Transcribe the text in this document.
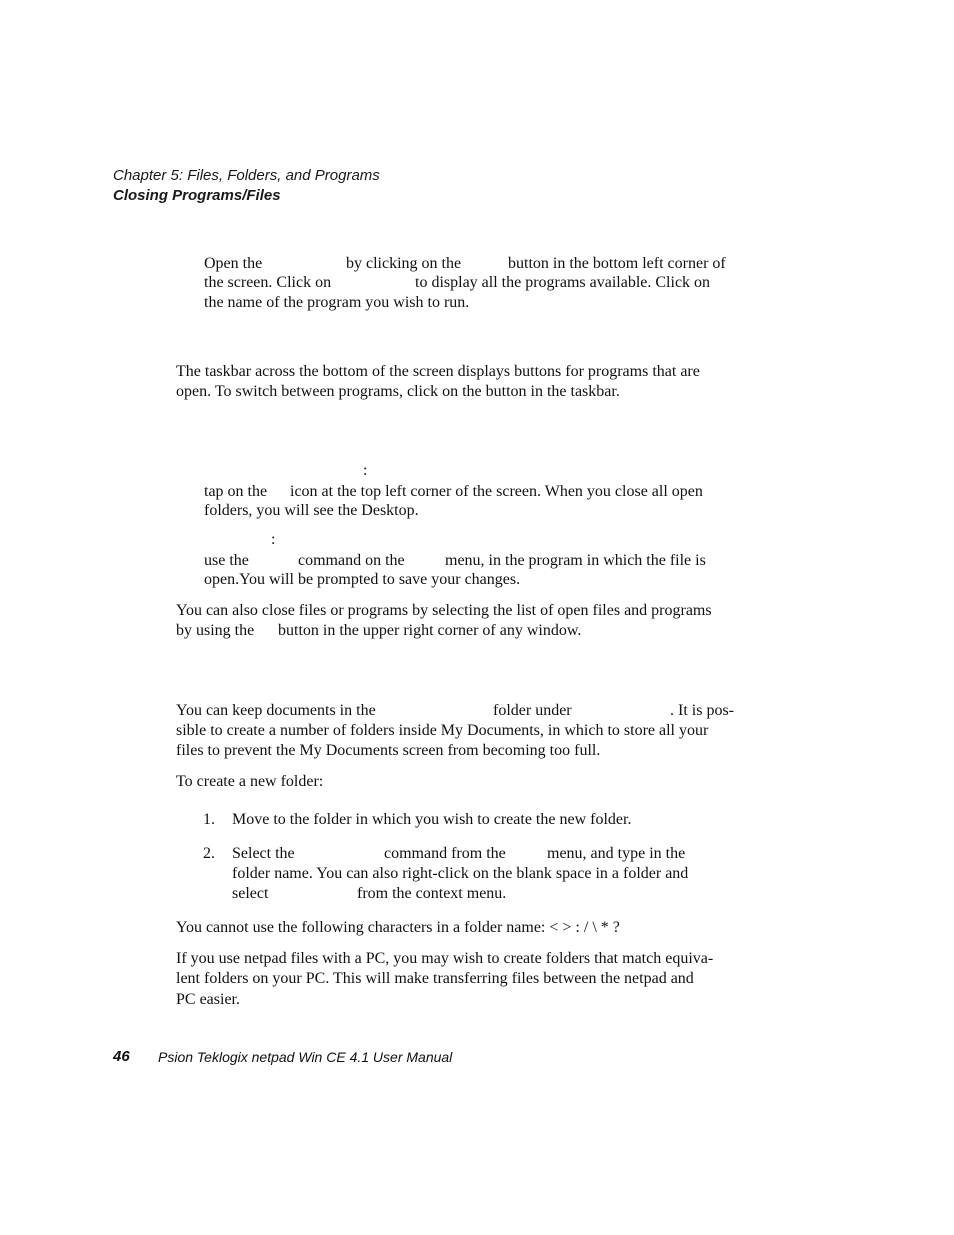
Chapter 5: Files, Folders, and Programs
Closing Programs/Files
Open the	by clicking on the	button in the bottom left corner of
the screen. Click on	to display all the programs available. Click on
the name of the program you wish to run.
The taskbar across the bottom of the screen displays buttons for programs that are
open. To switch between programs, click on the button in the taskbar.
:
tap on the icon at the top left corner of the screen. When you close all open
folders, you will see the Desktop.
:
use the	command on the	menu, in the program in which the file is
open.You will be prompted to save your changes.
You can also close files or programs by selecting the list of open files and programs
by using the button in the upper right corner of any window.
You can keep documents in the	folder under	. It is pos-
sible to create a number of folders inside My Documents, in which to store all your
files to prevent the My Documents screen from becoming too full.
To create a new folder:
1. Move to the folder in which you wish to create the new folder.
2. Select the	command from the	menu, and type in the
folder name. You can also right-click on the blank space in a folder and
select	from the context menu.
You cannot use the following characters in a folder name: < > : / \ * ?
If you use netpad files with a PC, you may wish to create folders that match equiva-
lent folders on your PC. This will make transferring files between the netpad and
PC easier.
46 Psion Teklogix netpad Win CE 4.1 User Manual
